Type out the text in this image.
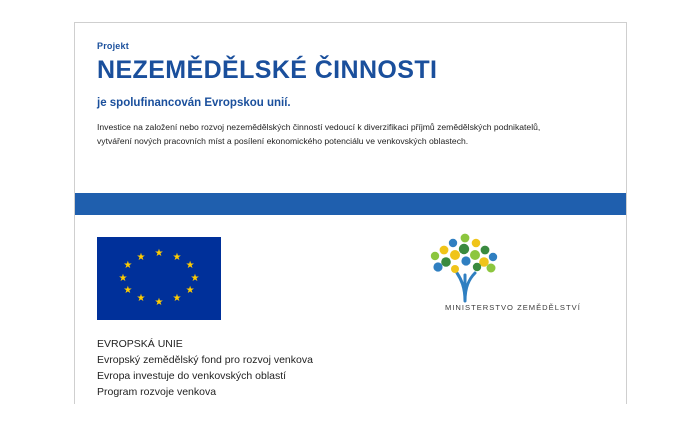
Projekt

NEZEMĚDĚLSKÉ ČINNOSTI

je spolufinancován Evropskou unií.

Investice na založení nebo rozvoj nezemědělských činností vedoucí k diverzifikaci příjmů zemědělských podnikatelů, vytváření nových pracovních míst a posílení ekonomického potenciálu ve venkovských oblastech.

★ ★
★
★
★
★
★
★
★
★
★
★
MINISTERSTVO ZEMĚDĚLSTVÍ
EVROPSKÁ UNIE
Evropský zemědělský fond pro rozvoj venkova
Evropa investuje do venkovských oblastí
Program rozvoje venkova
